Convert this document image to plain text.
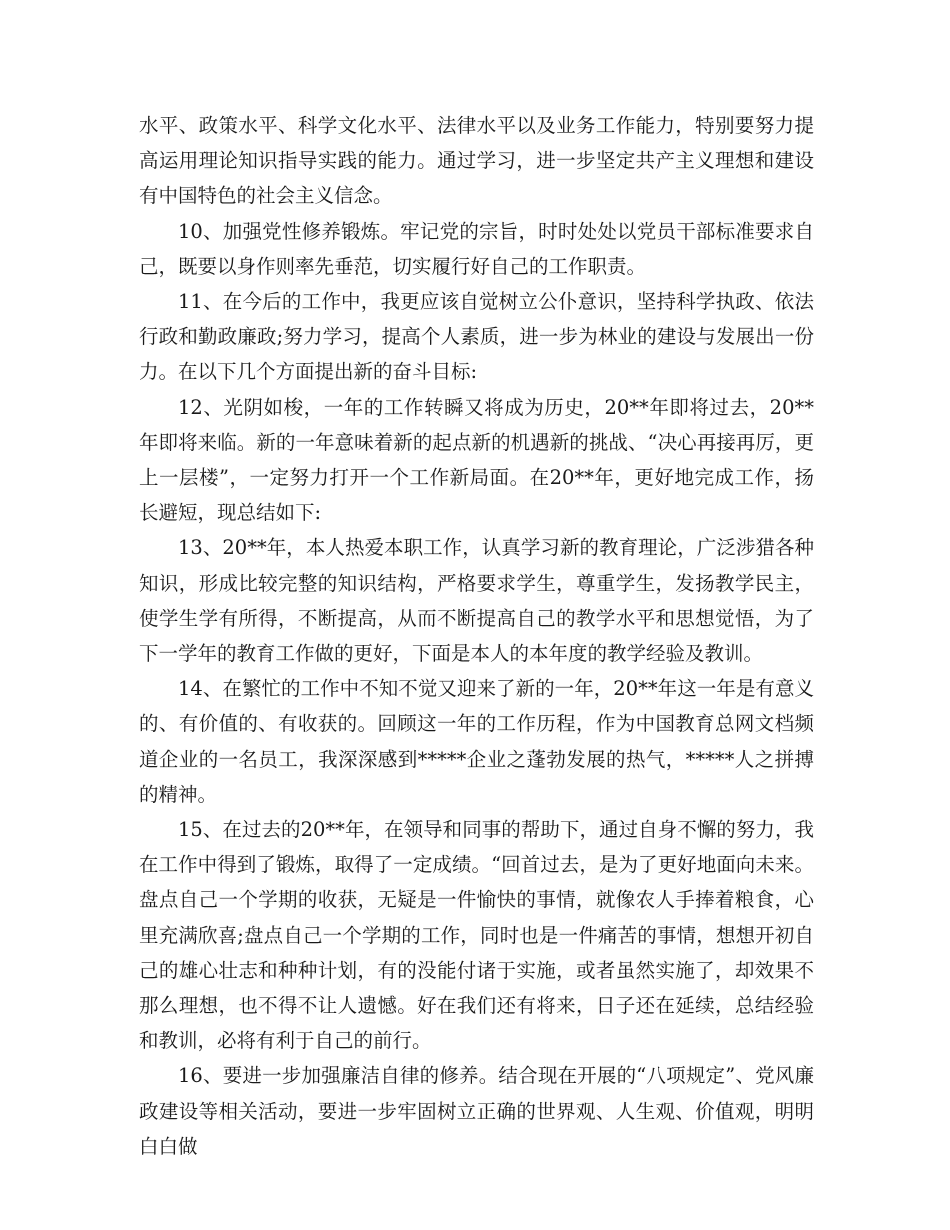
水平、政策水平、科学文化水平、法律水平以及业务工作能力，特别要努力提高运用理论知识指导实践的能力。通过学习，进一步坚定共产主义理想和建设有中国特色的社会主义信念。

10、加强党性修养锻炼。牢记党的宗旨，时时处处以党员干部标准要求自己，既要以身作则率先垂范，切实履行好自己的工作职责。

11、在今后的工作中，我更应该自觉树立公仆意识，坚持科学执政、依法行政和勤政廉政;努力学习，提高个人素质，进一步为林业的建设与发展出一份力。在以下几个方面提出新的奋斗目标:

12、光阴如梭，一年的工作转瞬又将成为历史，20**年即将过去，20**年即将来临。新的一年意味着新的起点新的机遇新的挑战、“决心再接再厉，更上一层楼”，一定努力打开一个工作新局面。在20**年，更好地完成工作，扬长避短，现总结如下:

13、20**年，本人热爱本职工作，认真学习新的教育理论，广泛涉猎各种知识，形成比较完整的知识结构，严格要求学生，尊重学生，发扬教学民主，使学生学有所得，不断提高，从而不断提高自己的教学水平和思想觉悟，为了下一学年的教育工作做的更好，下面是本人的本年度的教学经验及教训。

14、在繁忙的工作中不知不觉又迎来了新的一年，20**年这一年是有意义的、有价值的、有收获的。回顾这一年的工作历程，作为中国教育总网文档频道企业的一名员工，我深深感到*****企业之蓬勃发展的热气，*****人之拼搏的精神。

15、在过去的20**年，在领导和同事的帮助下，通过自身不懈的努力，我在工作中得到了锻炼，取得了一定成绩。“回首过去，是为了更好地面向未来。盘点自己一个学期的收获，无疑是一件愉快的事情，就像农人手捧着粮食，心里充满欣喜;盘点自己一个学期的工作，同时也是一件痛苦的事情，想想开初自己的雄心壮志和种种计划，有的没能付诸于实施，或者虽然实施了，却效果不那么理想，也不得不让人遗憾。好在我们还有将来，日子还在延续，总结经验和教训，必将有利于自己的前行。

16、要进一步加强廉洁自律的修养。结合现在开展的“八项规定”、党风廉政建设等相关活动，要进一步牢固树立正确的世界观、人生观、价值观，明明白白做
